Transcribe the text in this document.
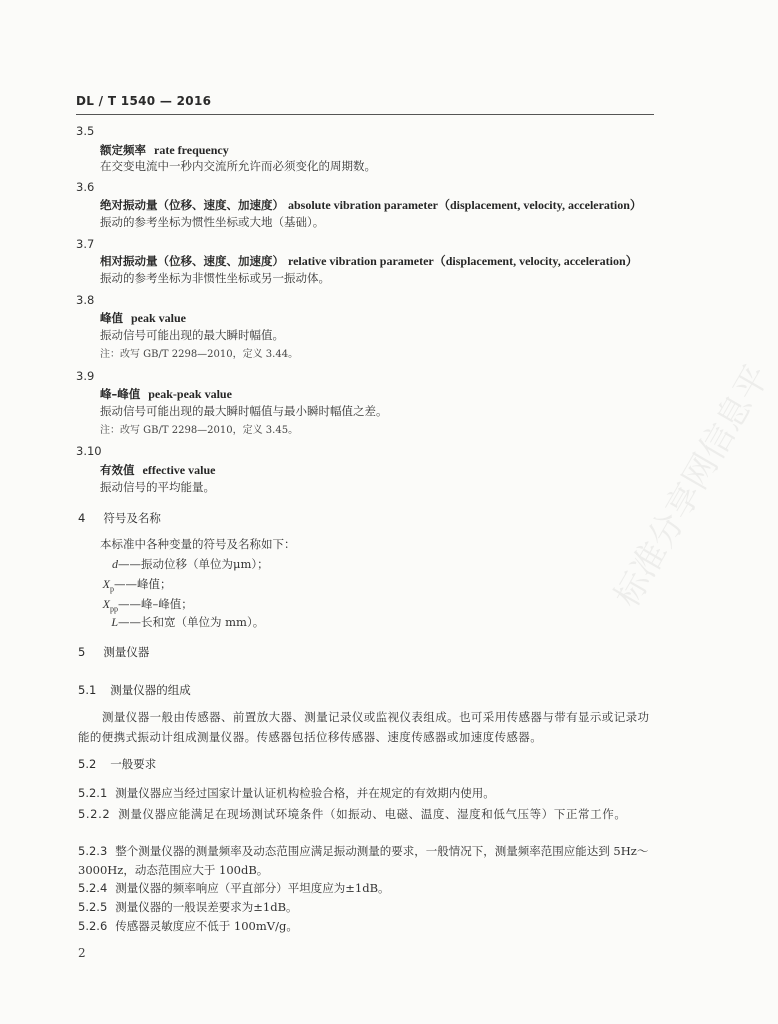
DL / T 1540 — 2016
3.5
额定频率 rate frequency
在交变电流中一秒内交流所允许而必须变化的周期数。
3.6
绝对振动量（位移、速度、加速度） absolute vibration parameter（displacement, velocity, acceleration）
振动的参考坐标为惯性坐标或大地（基础）。
3.7
相对振动量（位移、速度、加速度） relative vibration parameter（displacement, velocity, acceleration）
振动的参考坐标为非惯性坐标或另一振动体。
3.8
峰值 peak value
振动信号可能出现的最大瞬时幅值。
注：改写 GB/T 2298—2010，定义 3.44。
3.9
峰–峰值 peak-peak value
振动信号可能出现的最大瞬时幅值与最小瞬时幅值之差。
注：改写 GB/T 2298—2010，定义 3.45。
3.10
有效值 effective value
振动信号的平均能量。
4 符号及名称
本标准中各种变量的符号及名称如下：
d——振动位移（单位为μm）；
$X_p——$峰值；
$X_{pp}——$峰–峰值；
L——长和宽（单位为 mm）。
5 测量仪器
5.1 测量仪器的组成
测量仪器一般由传感器、前置放大器、测量记录仪或监视仪表组成。也可采用传感器与带有显示或记录功能的便携式振动计组成测量仪器。传感器包括位移传感器、速度传感器或加速度传感器。
5.2 一般要求
5.2.1 测量仪器应当经过国家计量认证机构检验合格，并在规定的有效期内使用。
5.2.2 测量仪器应能满足在现场测试环境条件（如振动、电磁、温度、湿度和低气压等）下正常工作。
5.2.3 整个测量仪器的测量频率及动态范围应满足振动测量的要求，一般情况下，测量频率范围应能达到 5Hz～3000Hz，动态范围应大于 100dB。
5.2.4 测量仪器的频率响应（平直部分）平坦度应为±1dB。
5.2.5 测量仪器的一般误差要求为±1dB。
5.2.6 传感器灵敏度应不低于 100mV/g。
2
标准分享网信息平
